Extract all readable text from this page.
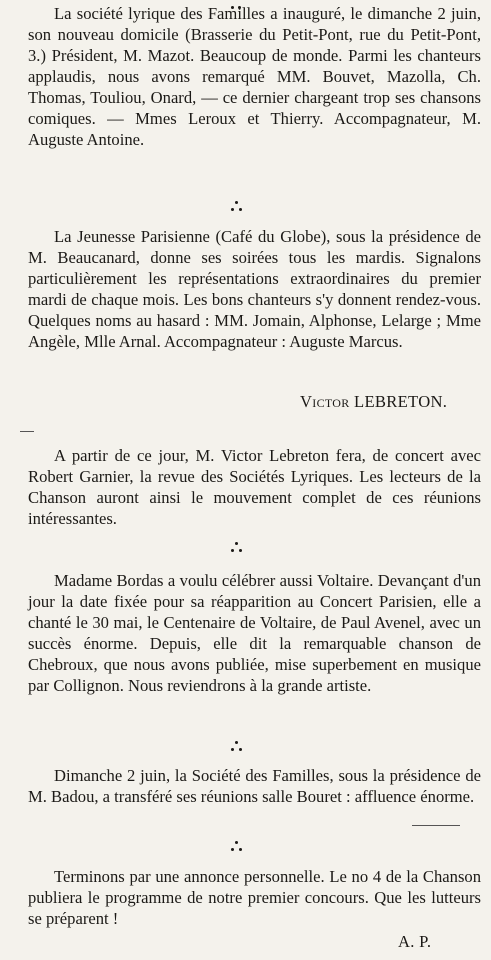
La société lyrique des Familles a inauguré, le dimanche 2 juin, son nouveau domicile (Brasserie du Petit-Pont, rue du Petit-Pont, 3.) Président, M. Mazot. Beaucoup de monde. Parmi les chanteurs applaudis, nous avons remarqué MM. Bouvet, Mazolla, Ch. Thomas, Touliou, Onard, — ce dernier chargeant trop ses chansons comiques. — Mmes Leroux et Thierry. Accompagnateur, M. Auguste Antoine.

La Jeunesse Parisienne (Café du Globe), sous la présidence de M. Beaucanard, donne ses soirées tous les mardis. Signalons particulièrement les représentations extraordinaires du premier mardi de chaque mois. Les bons chanteurs s'y donnent rendez-vous. Quelques noms au hasard : MM. Jomain, Alphonse, Lelarge ; Mme Angèle, Mlle Arnal. Accompagnateur : Auguste Marcus.

Victor LEBRETON.

A partir de ce jour, M. Victor Lebreton fera, de concert avec Robert Garnier, la revue des Sociétés Lyriques. Les lecteurs de la Chanson auront ainsi le mouvement complet de ces réunions intéressantes.

Madame Bordas a voulu célébrer aussi Voltaire. Devançant d'un jour la date fixée pour sa réapparition au Concert Parisien, elle a chanté le 30 mai, le Centenaire de Voltaire, de Paul Avenel, avec un succès énorme. Depuis, elle dit la remarquable chanson de Chebroux, que nous avons publiée, mise superbement en musique par Collignon. Nous reviendrons à la grande artiste.

Dimanche 2 juin, la Société des Familles, sous la présidence de M. Badou, a transféré ses réunions salle Bouret : affluence énorme.

Terminons par une annonce personnelle. Le no 4 de la Chanson publiera le programme de notre premier concours. Que les lutteurs se préparent !

A. P.
